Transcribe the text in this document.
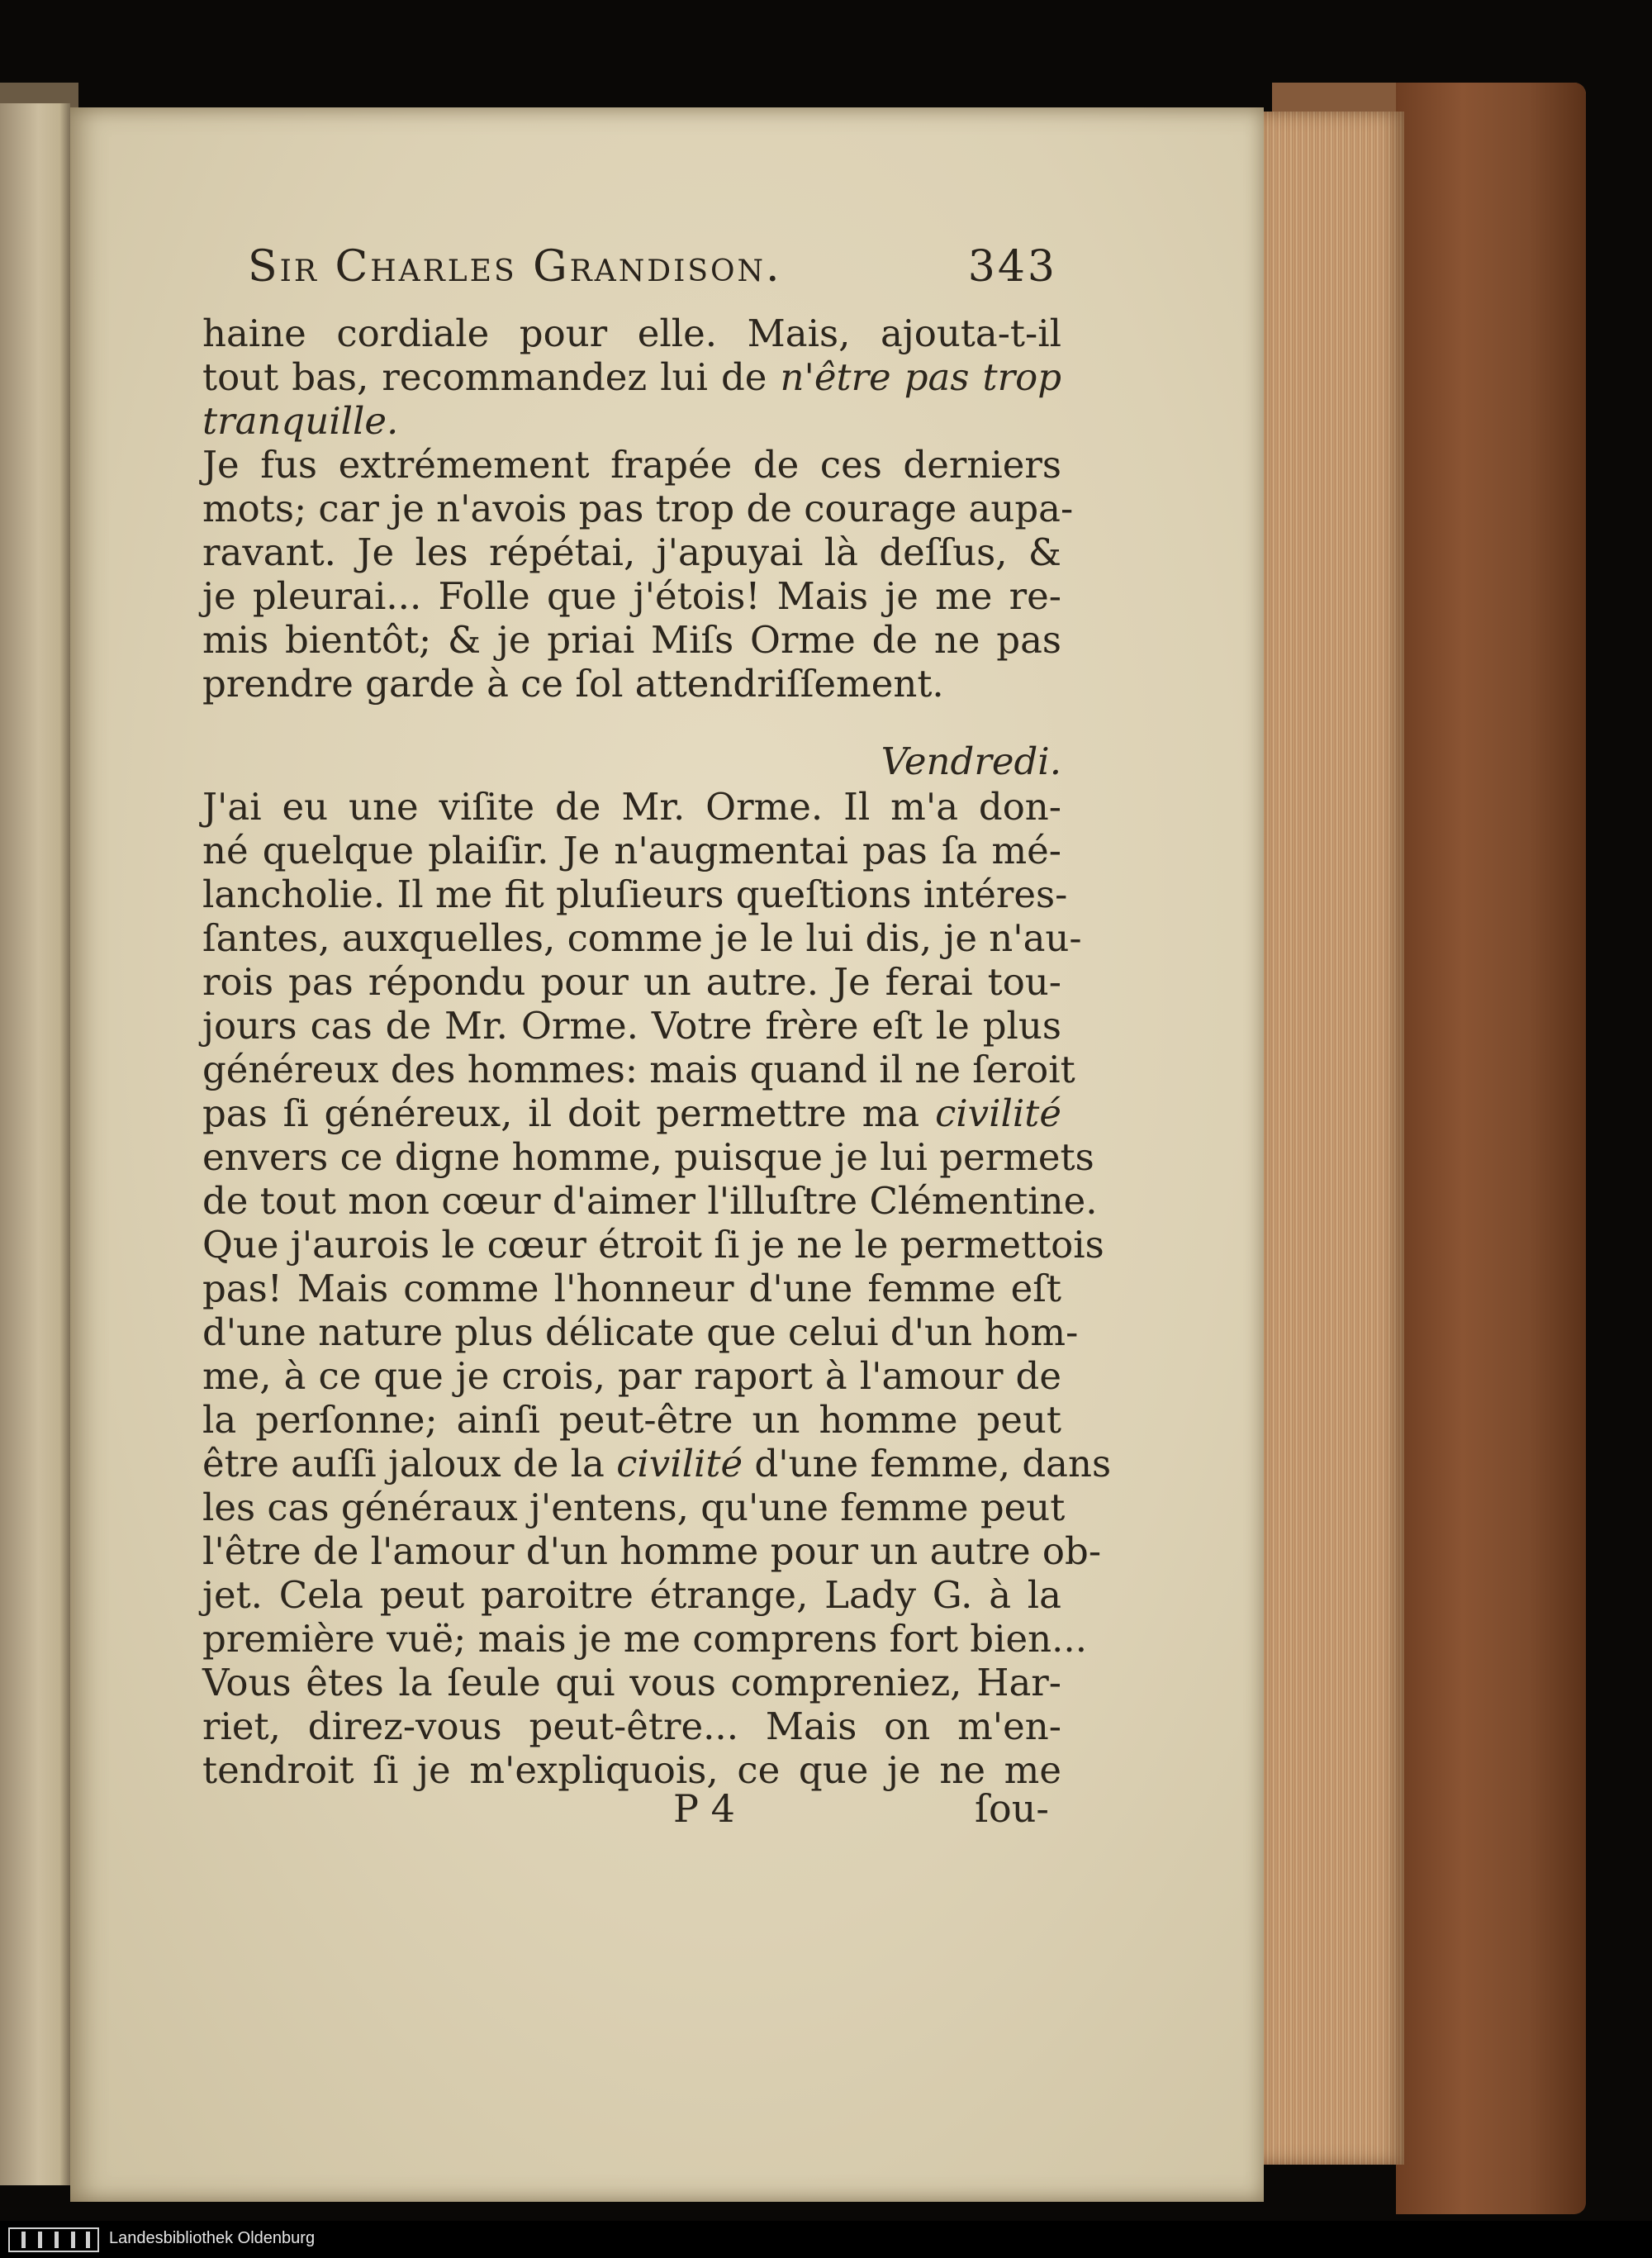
Sir Charles Grandison.	343
haine cordiale pour elle. Mais, ajouta-t-il
tout bas, recommandez lui de n'être pas trop
tranquille.
Je fus extrémement frapée de ces derniers
mots; car je n'avois pas trop de courage aupa-
ravant. Je les répétai, j'apuyai là deſſus, &
je pleurai... Folle que j'étois! Mais je me re-
mis bientôt; & je priai Miſs Orme de ne pas
prendre garde à ce ſol attendriſſement.
Vendredi.
J'ai eu une viſite de Mr. Orme. Il m'a don-
né quelque plaiſir. Je n'augmentai pas ſa mé-
lancholie. Il me fit pluſieurs queſtions intéres-
ſantes, auxquelles, comme je le lui dis, je n'au-
rois pas répondu pour un autre. Je ferai tou-
jours cas de Mr. Orme. Votre frère eſt le plus
généreux des hommes: mais quand il ne ſeroit
pas ſi généreux, il doit permettre ma civilité
envers ce digne homme, puisque je lui permets
de tout mon cœur d'aimer l'illuſtre Clémentine.
Que j'aurois le cœur étroit ſi je ne le permettois
pas! Mais comme l'honneur d'une femme eſt
d'une nature plus délicate que celui d'un hom-
me, à ce que je crois, par raport à l'amour de
la perſonne; ainſi peut-être un homme peut
être auſſi jaloux de la civilité d'une femme, dans
les cas généraux j'entens, qu'une femme peut
l'être de l'amour d'un homme pour un autre ob-
jet. Cela peut paroitre étrange, Lady G. à la
première vuë; mais je me comprens fort bien...
Vous êtes la ſeule qui vous compreniez, Har-
riet, direz-vous peut-être... Mais on m'en-
tendroit ſi je m'expliquois, ce que je ne me
P 4	ſou-
Landesbibliothek Oldenburg
